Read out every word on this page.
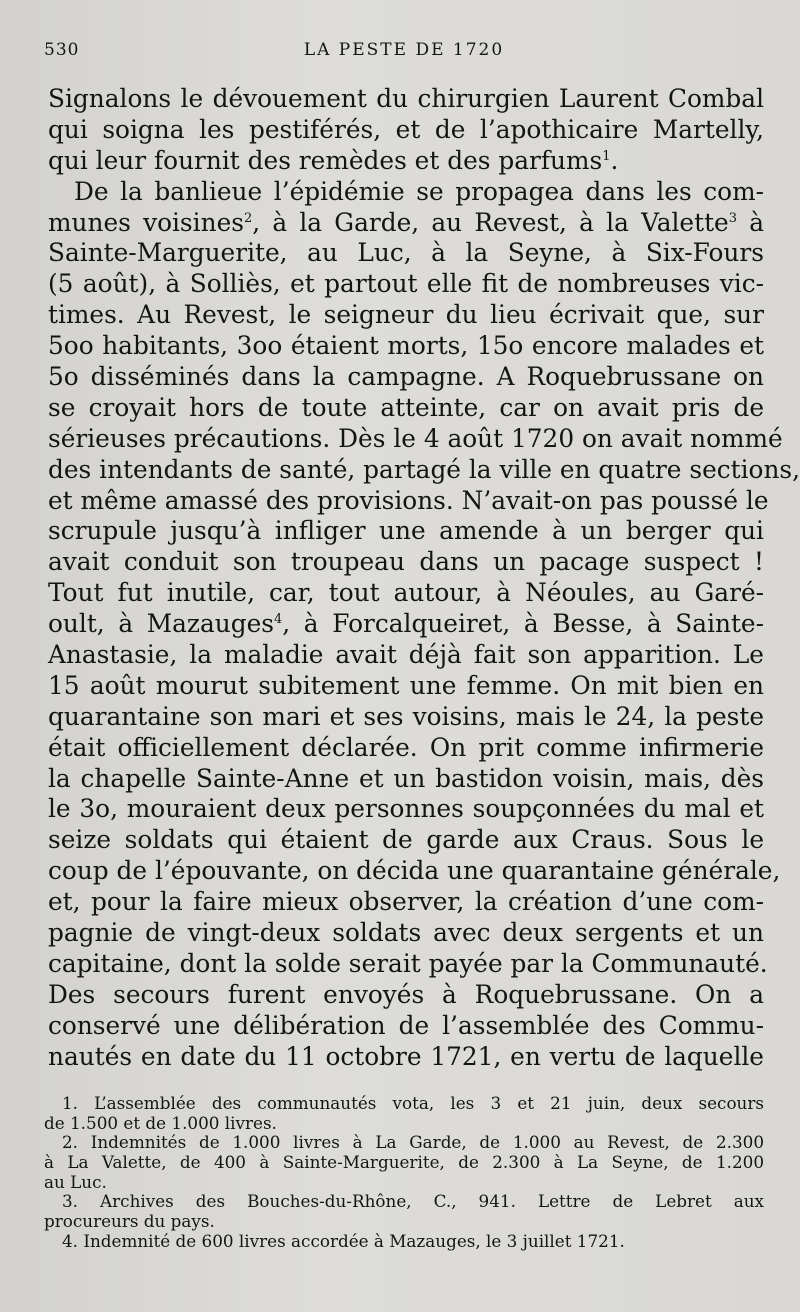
530	LA PESTE DE 1720
Signalons le dévouement du chirurgien Laurent Combal
qui soigna les pestiférés, et de l’apothicaire Martelly,
qui leur fournit des remèdes et des parfums$^1$.
De la banlieue l’épidémie se propagea dans les com-
munes voisines$^2$, à la Garde, au Revest, à la Valette$^3$ à
Sainte-Marguerite, au Luc, à la Seyne, à Six-Fours
(5 août), à Solliès, et partout elle fit de nombreuses vic-
times. Au Revest, le seigneur du lieu écrivait que, sur
5oo habitants, 3oo étaient morts, 15o encore malades et
5o disséminés dans la campagne. A Roquebrussane on
se croyait hors de toute atteinte, car on avait pris de
sérieuses précautions. Dès le 4 août 1720 on avait nommé
des intendants de santé, partagé la ville en quatre sections,
et même amassé des provisions. N’avait-on pas poussé le
scrupule jusqu’à infliger une amende à un berger qui
avait conduit son troupeau dans un pacage suspect !
Tout fut inutile, car, tout autour, à Néoules, au Garé-
oult, à Mazauges$^4$, à Forcalqueiret, à Besse, à Sainte-
Anastasie, la maladie avait déjà fait son apparition. Le
15 août mourut subitement une femme. On mit bien en
quarantaine son mari et ses voisins, mais le 24, la peste
était officiellement déclarée. On prit comme infirmerie
la chapelle Sainte-Anne et un bastidon voisin, mais, dès
le 3o, mouraient deux personnes soupçonnées du mal et
seize soldats qui étaient de garde aux Craus. Sous le
coup de l’épouvante, on décida une quarantaine générale,
et, pour la faire mieux observer, la création d’une com-
pagnie de vingt-deux soldats avec deux sergents et un
capitaine, dont la solde serait payée par la Communauté.
Des secours furent envoyés à Roquebrussane. On a
conservé une délibération de l’assemblée des Commu-
nautés en date du 11 octobre 1721, en vertu de laquelle
1. L’assemblée des communautés vota, les 3 et 21 juin, deux secours
de 1.500 et de 1.000 livres.
2. Indemnités de 1.000 livres à La Garde, de 1.000 au Revest, de 2.300
à La Valette, de 400 à Sainte-Marguerite, de 2.300 à La Seyne, de 1.200
au Luc.
3. Archives des Bouches-du-Rhône, C., 941. Lettre de Lebret aux
procureurs du pays.
4. Indemnité de 600 livres accordée à Mazauges, le 3 juillet 1721.
